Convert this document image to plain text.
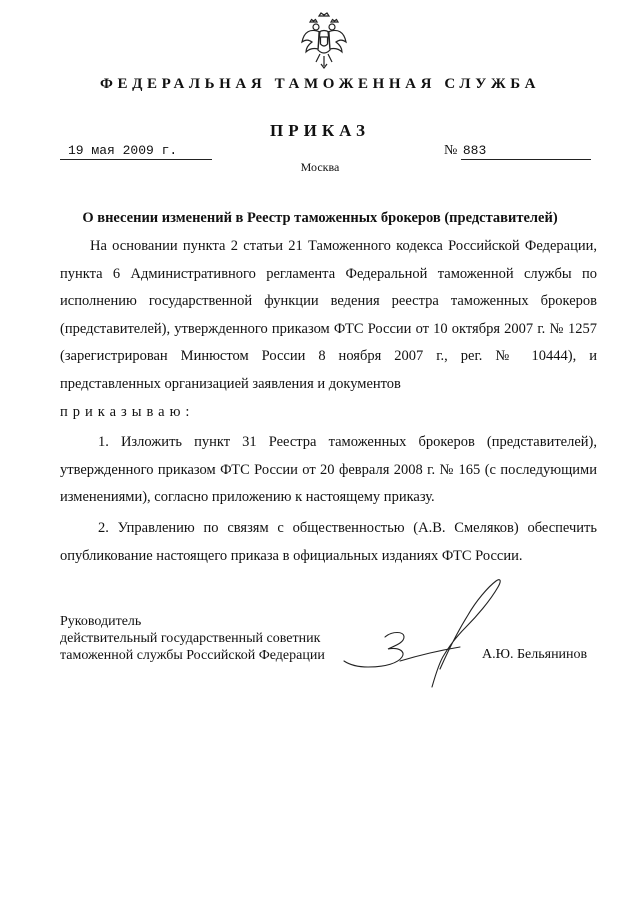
ФЕДЕРАЛЬНАЯ ТАМОЖЕННАЯ СЛУЖБА
ПРИКАЗ
19 мая 2009 г.	№ 883
Москва
О внесении изменений в Реестр таможенных брокеров (представителей)

На основании пункта 2 статьи 21 Таможенного кодекса Российской Федерации, пункта 6 Административного регламента Федеральной таможенной службы по исполнению государственной функции ведения реестра таможенных брокеров (представителей), утвержденного приказом ФТС России от 10 октября 2007 г. № 1257 (зарегистрирован Минюстом России 8 ноября 2007 г., рег. № 10444), и представленных организацией заявления и документов

приказываю:

1. Изложить пункт 31 Реестра таможенных брокеров (представителей), утвержденного приказом ФТС России от 20 февраля 2008 г. № 165 (с последующими изменениями), согласно приложению к настоящему приказу.

2. Управлению по связям с общественностью (А.В. Смеляков) обеспечить опубликование настоящего приказа в официальных изданиях ФТС России.

Руководитель
действительный государственный советник
таможенной службы Российской Федерации	А.Ю. Бельянинов
